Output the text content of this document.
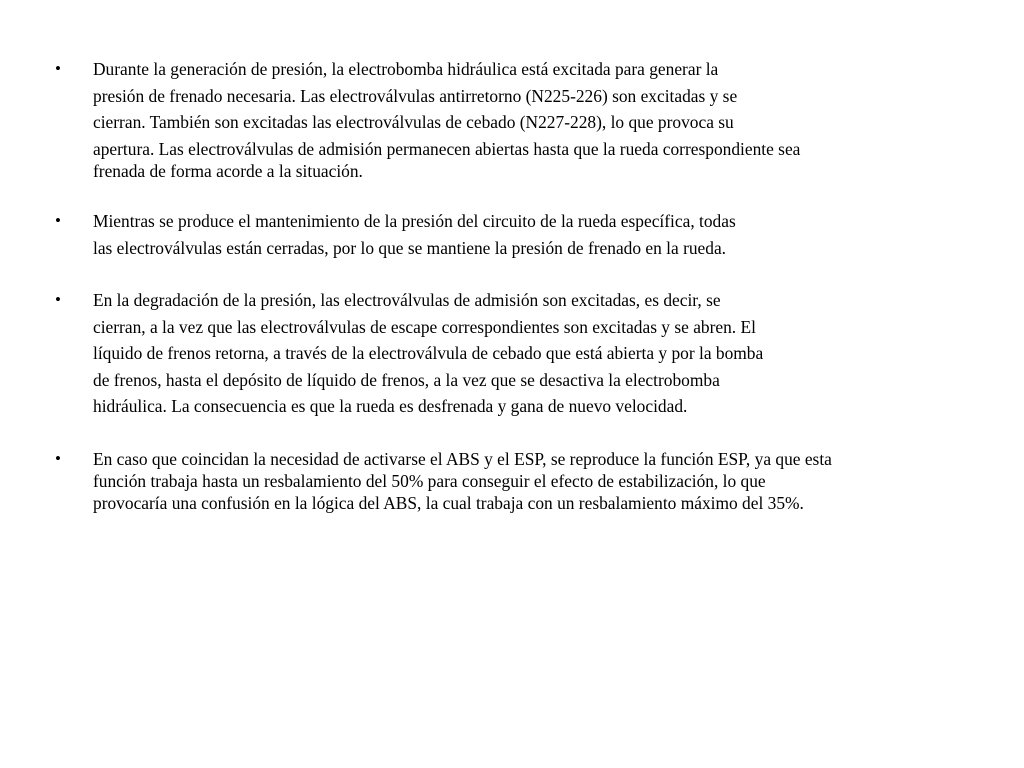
• Durante la generación de presión, la electrobomba hidráulica está excitada para generar la
presión de frenado necesaria. Las electroválvulas antirretorno (N225-226) son excitadas y se
cierran. También son excitadas las electroválvulas de cebado (N227-228), lo que provoca su
apertura. Las electroválvulas de admisión permanecen abiertas hasta que la rueda correspondiente sea
frenada de forma acorde a la situación.
• Mientras se produce el mantenimiento de la presión del circuito de la rueda específica, todas
las electroválvulas están cerradas, por lo que se mantiene la presión de frenado en la rueda.
• En la degradación de la presión, las electroválvulas de admisión son excitadas, es decir, se
cierran, a la vez que las electroválvulas de escape correspondientes son excitadas y se abren. El
líquido de frenos retorna, a través de la electroválvula de cebado que está abierta y por la bomba
de frenos, hasta el depósito de líquido de frenos, a la vez que se desactiva la electrobomba
hidráulica. La consecuencia es que la rueda es desfrenada y gana de nuevo velocidad.
• En caso que coincidan la necesidad de activarse el ABS y el ESP, se reproduce la función ESP, ya que esta
función trabaja hasta un resbalamiento del 50% para conseguir el efecto de estabilización, lo que
provocaría una confusión en la lógica del ABS, la cual trabaja con un resbalamiento máximo del 35%.
